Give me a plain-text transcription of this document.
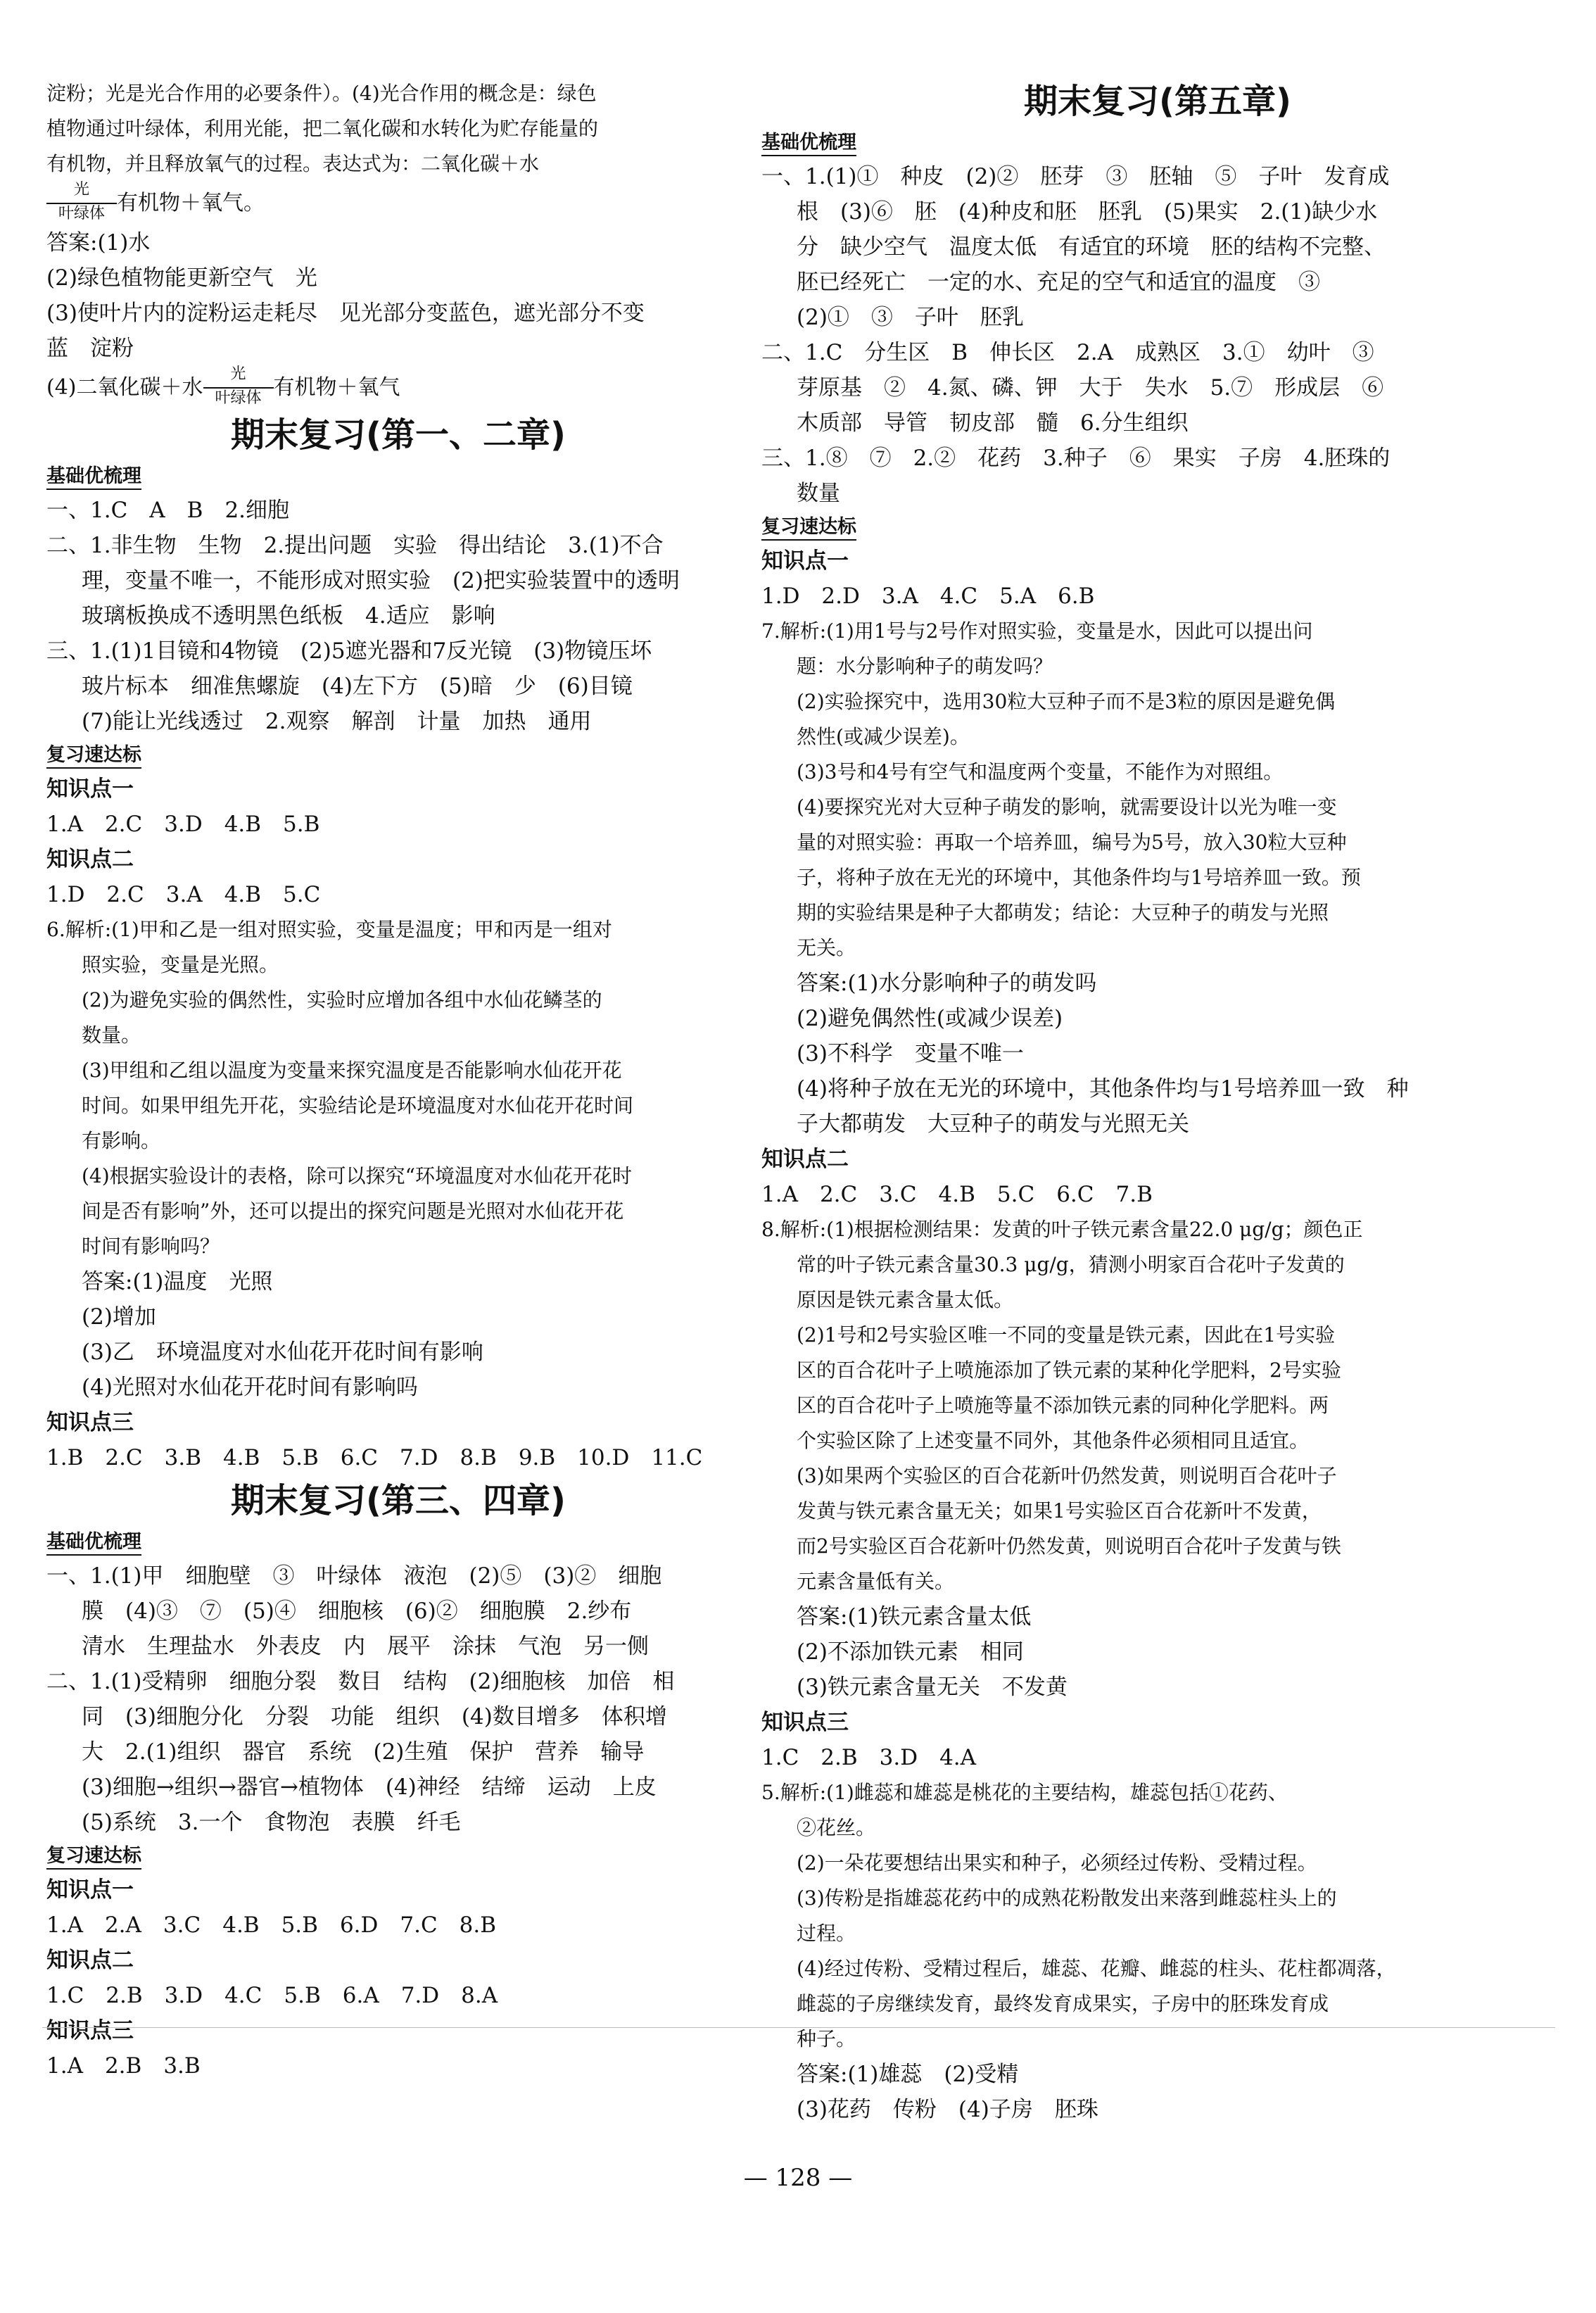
淀粉；光是光合作用的必要条件）。(4)光合作用的概念是：绿色
植物通过叶绿体，利用光能，把二氧化碳和水转化为贮存能量的
有机物，并且释放氧气的过程。表达式为：二氧化碳＋水
光
叶绿体 有机物＋氧气。
答案:(1)水
(2)绿色植物能更新空气　光
(3)使叶片内的淀粉运走耗尽　见光部分变蓝色，遮光部分不变
蓝　淀粉
(4)二氧化碳＋水
光
叶绿体 有机物＋氧气
期末复习(第一、二章)
基础优梳理
一、1.C　A　B　2.细胞
二、1.非生物　生物　2.提出问题　实验　得出结论　3.(1)不合
理，变量不唯一，不能形成对照实验　(2)把实验装置中的透明
玻璃板换成不透明黑色纸板　4.适应　影响
三、1.(1)1目镜和4物镜　(2)5遮光器和7反光镜　(3)物镜压坏
玻片标本　细准焦螺旋　(4)左下方　(5)暗　少　(6)目镜
(7)能让光线透过　2.观察　解剖　计量　加热　通用
复习速达标
知识点一
1.A　2.C　3.D　4.B　5.B
知识点二
1.D　2.C　3.A　4.B　5.C
6.解析:(1)甲和乙是一组对照实验，变量是温度；甲和丙是一组对
照实验，变量是光照。
(2)为避免实验的偶然性，实验时应增加各组中水仙花鳞茎的
数量。
(3)甲组和乙组以温度为变量来探究温度是否能影响水仙花开花
时间。如果甲组先开花，实验结论是环境温度对水仙花开花时间
有影响。
(4)根据实验设计的表格，除可以探究“环境温度对水仙花开花时
间是否有影响”外，还可以提出的探究问题是光照对水仙花开花
时间有影响吗？
答案:(1)温度　光照
(2)增加
(3)乙　环境温度对水仙花开花时间有影响
(4)光照对水仙花开花时间有影响吗
知识点三
1.B　2.C　3.B　4.B　5.B　6.C　7.D　8.B　9.B　10.D　11.C
期末复习(第三、四章)
基础优梳理
一、1.(1)甲　细胞壁　③　叶绿体　液泡　(2)⑤　(3)②　细胞
膜　(4)③　⑦　(5)④　细胞核　(6)②　细胞膜　2.纱布
清水　生理盐水　外表皮　内　展平　涂抹　气泡　另一侧
二、1.(1)受精卵　细胞分裂　数目　结构　(2)细胞核　加倍　相
同　(3)细胞分化　分裂　功能　组织　(4)数目增多　体积增
大　2.(1)组织　器官　系统　(2)生殖　保护　营养　输导
(3)细胞→组织→器官→植物体　(4)神经　结缔　运动　上皮
(5)系统　3.一个　食物泡　表膜　纤毛
复习速达标
知识点一
1.A　2.A　3.C　4.B　5.B　6.D　7.C　8.B
知识点二
1.C　2.B　3.D　4.C　5.B　6.A　7.D　8.A
知识点三
1.A　2.B　3.B
期末复习(第五章)
基础优梳理
一、1.(1)①　种皮　(2)②　胚芽　③　胚轴　⑤　子叶　发育成
根　(3)⑥　胚　(4)种皮和胚　胚乳　(5)果实　2.(1)缺少水
分　缺少空气　温度太低　有适宜的环境　胚的结构不完整、
胚已经死亡　一定的水、充足的空气和适宜的温度　③
(2)①　③　子叶　胚乳
二、1.C　分生区　B　伸长区　2.A　成熟区　3.①　幼叶　③
芽原基　②　4.氮、磷、钾　大于　失水　5.⑦　形成层　⑥
木质部　导管　韧皮部　髓　6.分生组织
三、1.⑧　⑦　2.②　花药　3.种子　⑥　果实　子房　4.胚珠的
数量
复习速达标
知识点一
1.D　2.D　3.A　4.C　5.A　6.B
7.解析:(1)用1号与2号作对照实验，变量是水，因此可以提出问
题：水分影响种子的萌发吗？
(2)实验探究中，选用30粒大豆种子而不是3粒的原因是避免偶
然性(或减少误差)。
(3)3号和4号有空气和温度两个变量，不能作为对照组。
(4)要探究光对大豆种子萌发的影响，就需要设计以光为唯一变
量的对照实验：再取一个培养皿，编号为5号，放入30粒大豆种
子，将种子放在无光的环境中，其他条件均与1号培养皿一致。预
期的实验结果是种子大都萌发；结论：大豆种子的萌发与光照
无关。
答案:(1)水分影响种子的萌发吗
(2)避免偶然性(或减少误差)
(3)不科学　变量不唯一
(4)将种子放在无光的环境中，其他条件均与1号培养皿一致　种
子大都萌发　大豆种子的萌发与光照无关
知识点二
1.A　2.C　3.C　4.B　5.C　6.C　7.B
8.解析:(1)根据检测结果：发黄的叶子铁元素含量22.0 μg/g；颜色正
常的叶子铁元素含量30.3 μg/g，猜测小明家百合花叶子发黄的
原因是铁元素含量太低。
(2)1号和2号实验区唯一不同的变量是铁元素，因此在1号实验
区的百合花叶子上喷施添加了铁元素的某种化学肥料，2号实验
区的百合花叶子上喷施等量不添加铁元素的同种化学肥料。两
个实验区除了上述变量不同外，其他条件必须相同且适宜。
(3)如果两个实验区的百合花新叶仍然发黄，则说明百合花叶子
发黄与铁元素含量无关；如果1号实验区百合花新叶不发黄，
而2号实验区百合花新叶仍然发黄，则说明百合花叶子发黄与铁
元素含量低有关。
答案:(1)铁元素含量太低
(2)不添加铁元素　相同
(3)铁元素含量无关　不发黄
知识点三
1.C　2.B　3.D　4.A
5.解析:(1)雌蕊和雄蕊是桃花的主要结构，雄蕊包括①花药、
②花丝。
(2)一朵花要想结出果实和种子，必须经过传粉、受精过程。
(3)传粉是指雄蕊花药中的成熟花粉散发出来落到雌蕊柱头上的
过程。
(4)经过传粉、受精过程后，雄蕊、花瓣、雌蕊的柱头、花柱都凋落，
雌蕊的子房继续发育，最终发育成果实，子房中的胚珠发育成
种子。
答案:(1)雄蕊　(2)受精
(3)花药　传粉　(4)子房　胚珠
— 128 —
